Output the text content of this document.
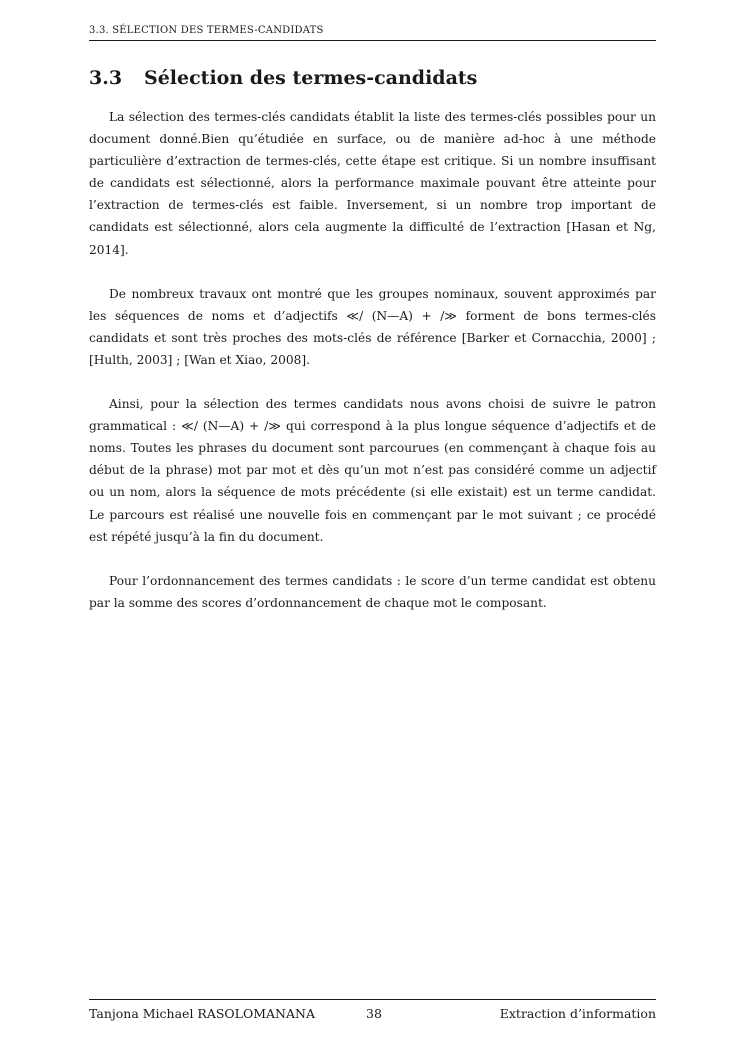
3.3. SÉLECTION DES TERMES-CANDIDATS
3.3 Sélection des termes-candidats

La sélection des termes-clés candidats établit la liste des termes-clés possibles pour un document donné.Bien qu’étudiée en surface, ou de manière ad-hoc à une méthode particulière d’extraction de termes-clés, cette étape est critique. Si un nombre insuffisant de candidats est sélectionné, alors la performance maximale pouvant être atteinte pour l’extraction de termes-clés est faible. Inversement, si un nombre trop important de candidats est sélectionné, alors cela augmente la difficulté de l’extraction [Hasan et Ng, 2014].

De nombreux travaux ont montré que les groupes nominaux, souvent approximés par les séquences de noms et d’adjectifs ≪/ (N—A) + /≫ forment de bons termes-clés candidats et sont très proches des mots-clés de référence [Barker et Cornacchia, 2000] ; [Hulth, 2003] ; [Wan et Xiao, 2008].

Ainsi, pour la sélection des termes candidats nous avons choisi de suivre le patron grammatical : ≪/ (N—A) + /≫ qui correspond à la plus longue séquence d’adjectifs et de noms. Toutes les phrases du document sont parcourues (en commençant à chaque fois au début de la phrase) mot par mot et dès qu’un mot n’est pas considéré comme un adjectif ou un nom, alors la séquence de mots précédente (si elle existait) est un terme candidat. Le parcours est réalisé une nouvelle fois en commençant par le mot suivant ; ce procédé est répété jusqu’à la fin du document.

Pour l’ordonnancement des termes candidats : le score d’un terme candidat est obtenu par la somme des scores d’ordonnancement de chaque mot le composant.

Tanjona Michael RASOLOMANANA	38	Extraction d’information
